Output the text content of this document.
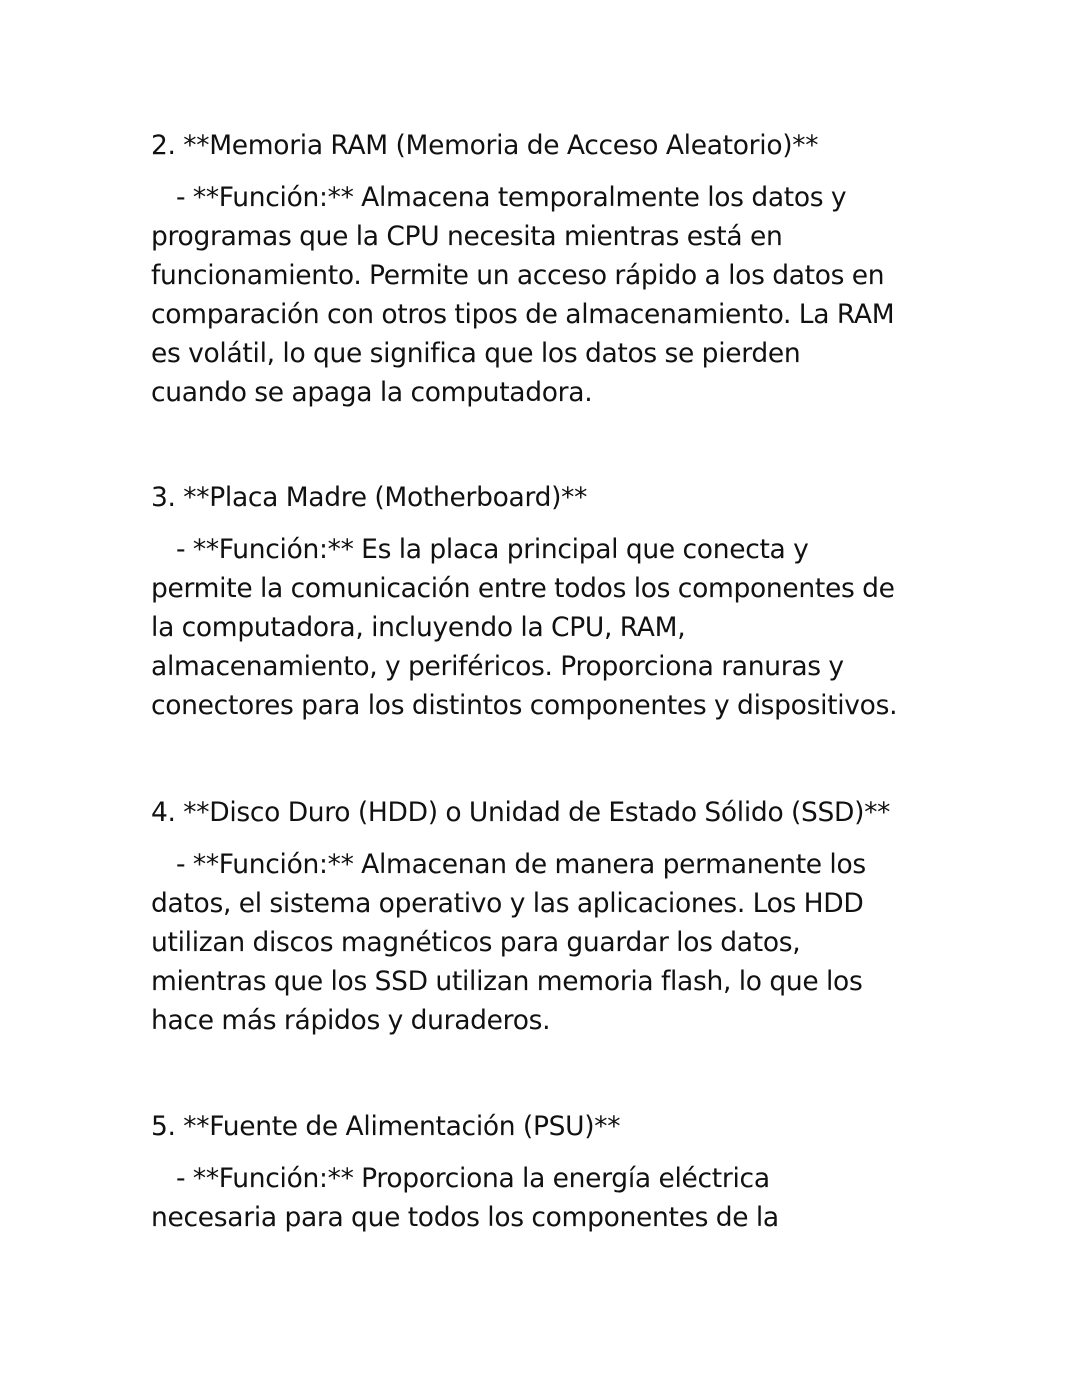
2. **Memoria RAM (Memoria de Acceso Aleatorio)**
- **Función:** Almacena temporalmente los datos y
programas que la CPU necesita mientras está en
funcionamiento. Permite un acceso rápido a los datos en
comparación con otros tipos de almacenamiento. La RAM
es volátil, lo que significa que los datos se pierden
cuando se apaga la computadora.
3. **Placa Madre (Motherboard)**
- **Función:** Es la placa principal que conecta y
permite la comunicación entre todos los componentes de
la computadora, incluyendo la CPU, RAM,
almacenamiento, y periféricos. Proporciona ranuras y
conectores para los distintos componentes y dispositivos.
4. **Disco Duro (HDD) o Unidad de Estado Sólido (SSD)**
- **Función:** Almacenan de manera permanente los
datos, el sistema operativo y las aplicaciones. Los HDD
utilizan discos magnéticos para guardar los datos,
mientras que los SSD utilizan memoria flash, lo que los
hace más rápidos y duraderos.
5. **Fuente de Alimentación (PSU)**
- **Función:** Proporciona la energía eléctrica
necesaria para que todos los componentes de la
